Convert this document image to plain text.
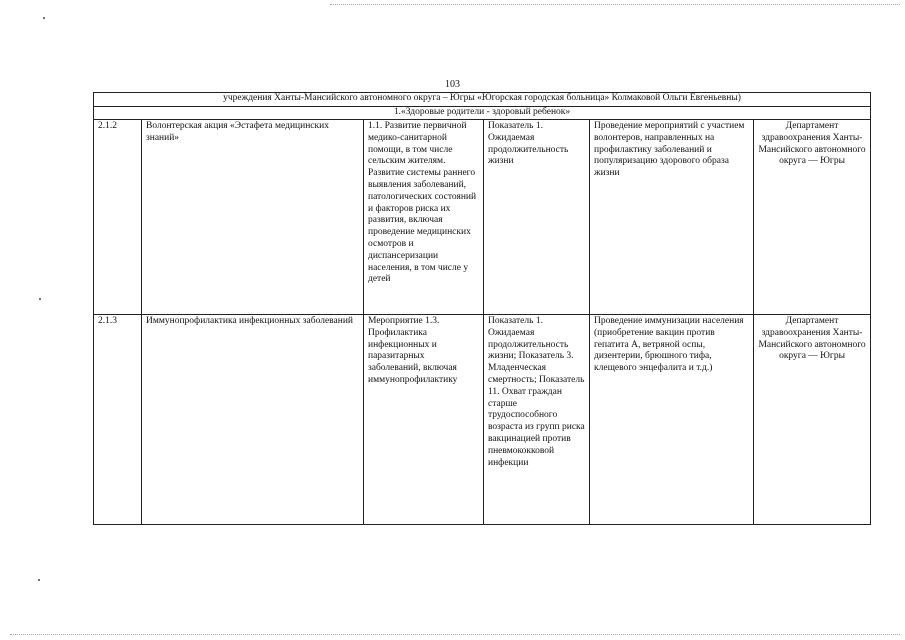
103
учреждения Ханты-Мансийского автономного округа – Югры «Югорская городская больница» Колмаковой Ольги Евгеньевны)					
1.«Здоровые родители - здоровый ребенок»					
2.1.2	Волонтерская акция «Эстафета медицинских знаний»	1.1. Развитие первичной медико-санитарной помощи, в том числе сельским жителям. Развитие системы раннего выявления заболеваний, патологических состояний и факторов риска их развития, включая проведение медицинских осмотров и диспансеризации населения, в том числе у детей	Показатель 1. Ожидаемая продолжительность жизни	Проведение мероприятий с участием волонтеров, направленных на профилактику заболеваний и популяризацию здорового образа жизни	Департамент здравоохранения Ханты-Мансийского автономного округа — Югры
2.1.3	Иммунопрофилактика инфекционных заболеваний	Мероприятие 1.3. Профилактика инфекционных и паразитарных заболеваний, включая иммунопрофилактику	Показатель 1. Ожидаемая продолжительность жизни; Показатель 3. Младенческая смертность; Показатель 11. Охват граждан старше трудоспособного возраста из групп риска вакцинацией против пневмококковой инфекции	Проведение иммунизации населения (приобретение вакцин против гепатита А, ветряной оспы, дизентерии, брюшного тифа, клещевого энцефалита и т.д.)	Департамент здравоохранения Ханты-Мансийского автономного округа — Югры
